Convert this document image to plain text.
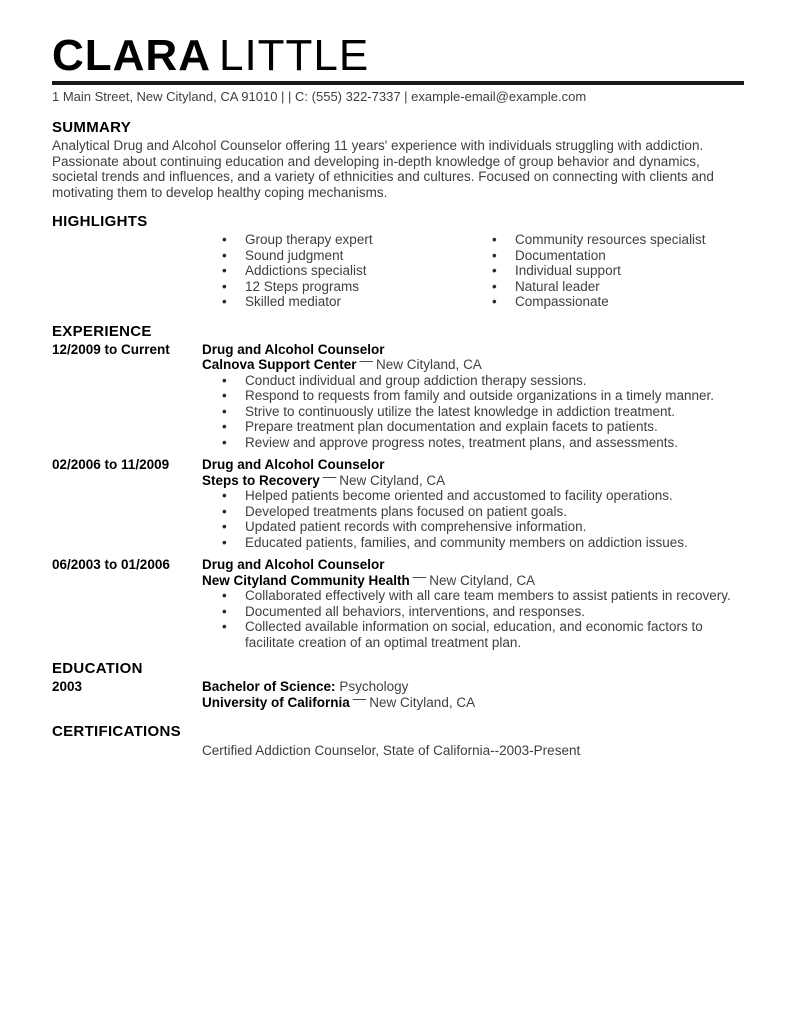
CLARA LITTLE
1 Main Street, New Cityland, CA 91010 | | C: (555) 322-7337 | example-email@example.com
SUMMARY

Analytical Drug and Alcohol Counselor offering 11 years' experience with individuals struggling with addiction. Passionate about continuing education and developing in-depth knowledge of group behavior and dynamics, societal trends and influences, and a variety of ethnicities and cultures. Focused on connecting with clients and motivating them to develop healthy coping mechanisms.

HIGHLIGHTS
•	Group therapy expert
•	Sound judgment
•	Addictions specialist
•	12 Steps programs
•	Skilled mediator
•	Community resources specialist
•	Documentation
•	Individual support
•	Natural leader
•	Compassionate
EXPERIENCE
12/2009 to Current	Drug and Alcohol Counselor
Calnova Support Center — New Cityland, CA
•	Conduct individual and group addiction therapy sessions.
•	Respond to requests from family and outside organizations in a timely manner.
•	Strive to continuously utilize the latest knowledge in addiction treatment.
•	Prepare treatment plan documentation and explain facets to patients.
•	Review and approve progress notes, treatment plans, and assessments.
02/2006 to 11/2009	Drug and Alcohol Counselor
Steps to Recovery — New Cityland, CA
•	Helped patients become oriented and accustomed to facility operations.
•	Developed treatments plans focused on patient goals.
•	Updated patient records with comprehensive information.
•	Educated patients, families, and community members on addiction issues.
06/2003 to 01/2006	Drug and Alcohol Counselor
New Cityland Community Health — New Cityland, CA
•	Collaborated effectively with all care team members to assist patients in recovery.
•	Documented all behaviors, interventions, and responses.
•	Collected available information on social, education, and economic factors to facilitate creation of an optimal treatment plan.
EDUCATION
2003	Bachelor of Science: Psychology
University of California — New Cityland, CA
CERTIFICATIONS
Certified Addiction Counselor, State of California--2003-Present
